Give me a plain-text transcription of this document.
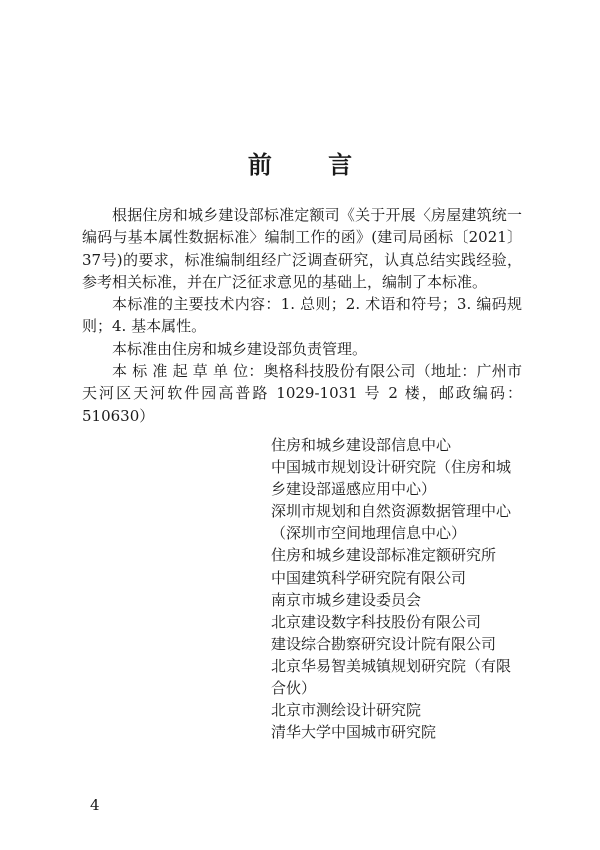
前 言

根据住房和城乡建设部标准定额司《关于开展〈房屋建筑统一编码与基本属性数据标准〉编制工作的函》(建司局函标〔2021〕37号)的要求，标准编制组经广泛调查研究，认真总结实践经验，参考相关标准，并在广泛征求意见的基础上，编制了本标准。

本标准的主要技术内容：1. 总则；2. 术语和符号；3. 编码规则；4. 基本属性。

本标准由住房和城乡建设部负责管理。

本 标 准 起 草 单 位：奥格科技股份有限公司（地址：广州市天河区天河软件园高普路 1029-1031 号 2 楼，邮政编码：510630）

住房和城乡建设部信息中心
中国城市规划设计研究院（住房和城乡建设部遥感应用中心）
深圳市规划和自然资源数据管理中心（深圳市空间地理信息中心）
住房和城乡建设部标准定额研究所
中国建筑科学研究院有限公司
南京市城乡建设委员会
北京建设数字科技股份有限公司
建设综合勘察研究设计院有限公司
北京华易智美城镇规划研究院（有限合伙）
北京市测绘设计研究院
清华大学中国城市研究院
4
